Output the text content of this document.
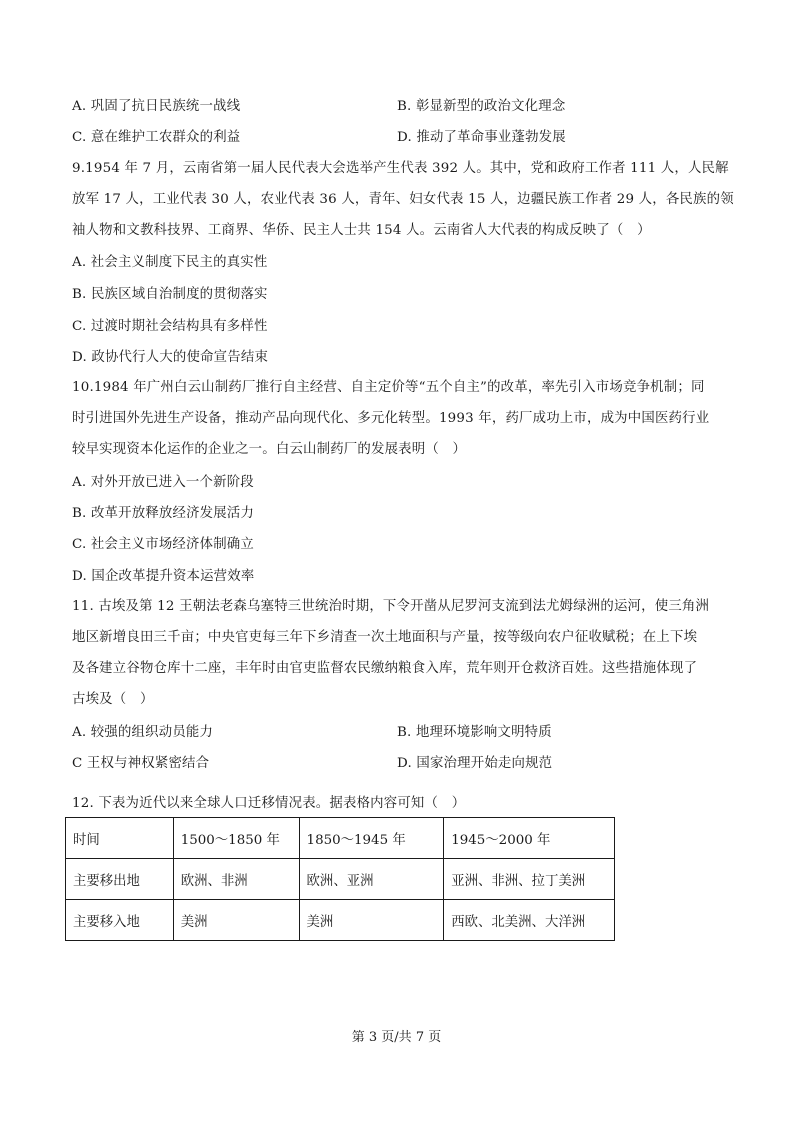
A. 巩固了抗日民族统一战线	B. 彰显新型的政治文化理念
C. 意在维护工农群众的利益	D. 推动了革命事业蓬勃发展
9.1954 年 7 月，云南省第一届人民代表大会选举产生代表 392 人。其中，党和政府工作者 111 人，人民解
放军 17 人，工业代表 30 人，农业代表 36 人，青年、妇女代表 15 人，边疆民族工作者 29 人，各民族的领
袖人物和文教科技界、工商界、华侨、民主人士共 154 人。云南省人大代表的构成反映了（　）
A. 社会主义制度下民主的真实性
B. 民族区域自治制度的贯彻落实
C. 过渡时期社会结构具有多样性
D. 政协代行人大的使命宣告结束
10.1984 年广州白云山制药厂推行自主经营、自主定价等“五个自主”的改革，率先引入市场竞争机制；同
时引进国外先进生产设备，推动产品向现代化、多元化转型。1993 年，药厂成功上市，成为中国医药行业
较早实现资本化运作的企业之一。白云山制药厂的发展表明（　）
A. 对外开放已进入一个新阶段
B. 改革开放释放经济发展活力
C. 社会主义市场经济体制确立
D. 国企改革提升资本运营效率
11. 古埃及第 12 王朝法老森乌塞特三世统治时期，下令开凿从尼罗河支流到法尤姆绿洲的运河，使三角洲
地区新增良田三千亩；中央官吏每三年下乡清查一次土地面积与产量，按等级向农户征收赋税；在上下埃
及各建立谷物仓库十二座，丰年时由官吏监督农民缴纳粮食入库，荒年则开仓救济百姓。这些措施体现了
古埃及（　）
A. 较强的组织动员能力	B. 地理环境影响文明特质
C 王权与神权紧密结合	D. 国家治理开始走向规范
12. 下表为近代以来全球人口迁移情况表。据表格内容可知（　）
时间	1500～1850 年	1850～1945 年	1945～2000 年
主要移出地	欧洲、非洲	欧洲、亚洲	亚洲、非洲、拉丁美洲
主要移入地	美洲	美洲	西欧、北美洲、大洋洲
第 3 页/共 7 页
